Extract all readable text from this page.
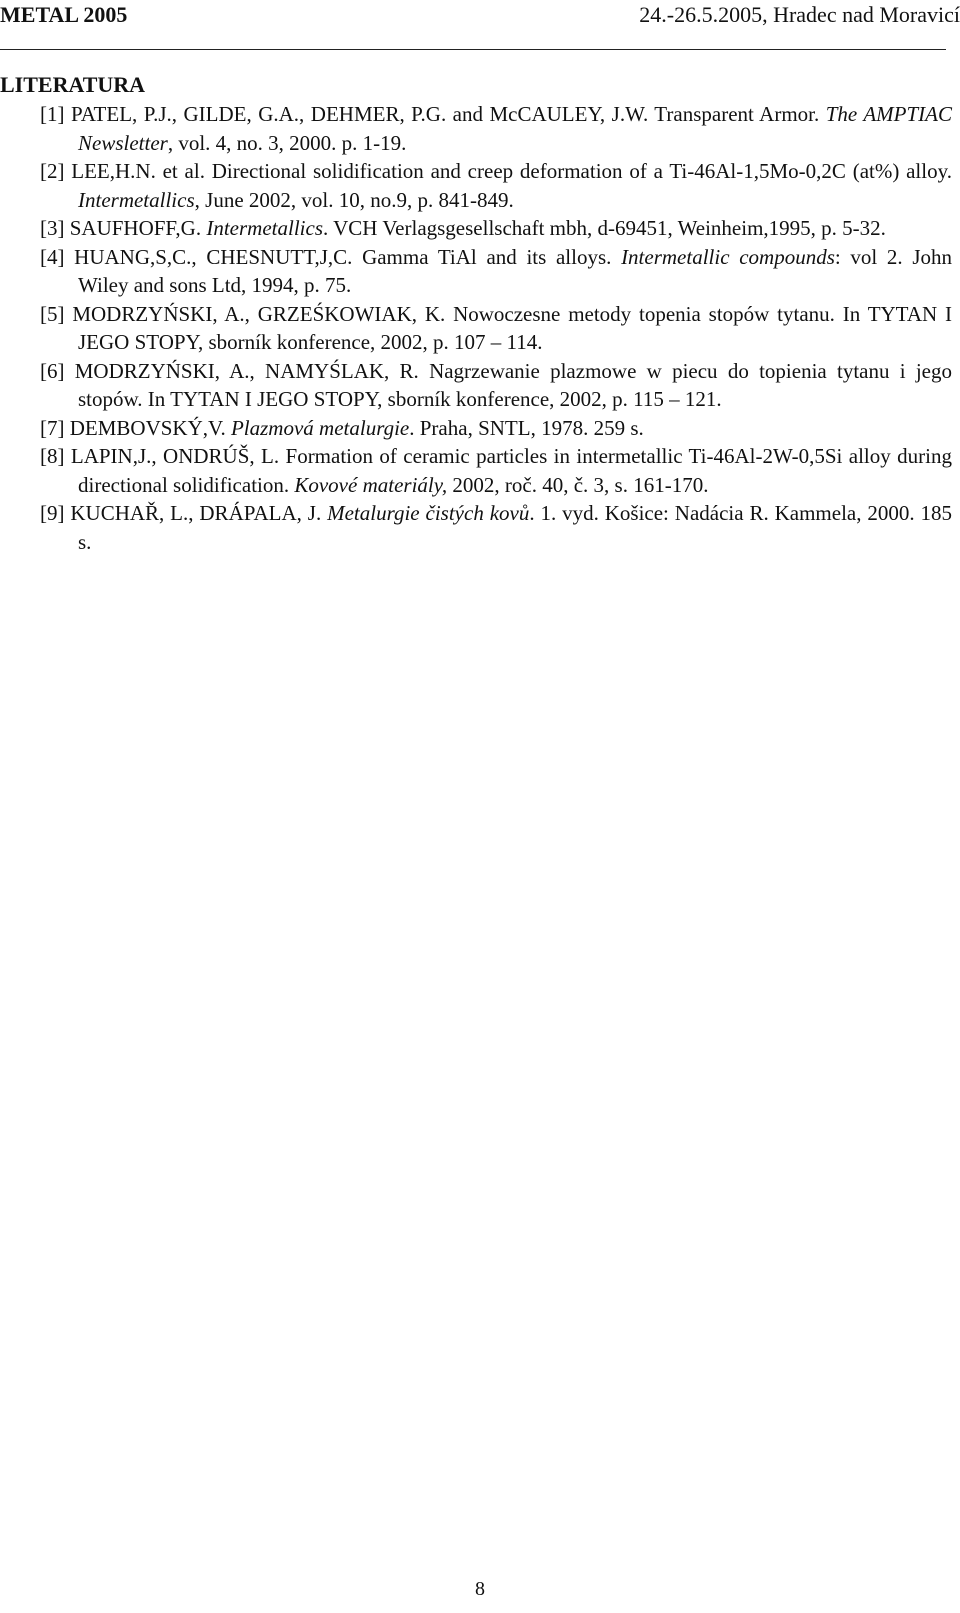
METAL 2005	24.-26.5.2005, Hradec nad Moravicí
LITERATURA
[1] PATEL, P.J., GILDE, G.A., DEHMER, P.G. and McCAULEY, J.W. Transparent Armor. The AMPTIAC Newsletter, vol. 4, no. 3, 2000. p. 1-19.
[2] LEE,H.N. et al. Directional solidification and creep deformation of a Ti-46Al-1,5Mo-0,2C (at%) alloy. Intermetallics, June 2002, vol. 10, no.9, p. 841-849.
[3] SAUFHOFF,G. Intermetallics. VCH Verlagsgesellschaft mbh, d-69451, Weinheim,1995, p. 5-32.
[4] HUANG,S,C., CHESNUTT,J,C. Gamma TiAl and its alloys. Intermetallic compounds: vol 2. John Wiley and sons Ltd, 1994, p. 75.
[5] MODRZYŃSKI, A., GRZEŚKOWIAK, K. Nowoczesne metody topenia stopów tytanu. In TYTAN I JEGO STOPY, sborník konference, 2002, p. 107 – 114.
[6] MODRZYŃSKI, A., NAMYŚLAK, R. Nagrzewanie plazmowe w piecu do topienia tytanu i jego stopów. In TYTAN I JEGO STOPY, sborník konference, 2002, p. 115 – 121.
[7] DEMBOVSKÝ,V. Plazmová metalurgie. Praha, SNTL, 1978. 259 s.
[8] LAPIN,J., ONDRÚŠ, L. Formation of ceramic particles in intermetallic Ti-46Al-2W-0,5Si alloy during directional solidification. Kovové materiály, 2002, roč. 40, č. 3, s. 161-170.
[9] KUCHAŘ, L., DRÁPALA, J. Metalurgie čistých kovů. 1. vyd. Košice: Nadácia R. Kammela, 2000. 185 s.
8
